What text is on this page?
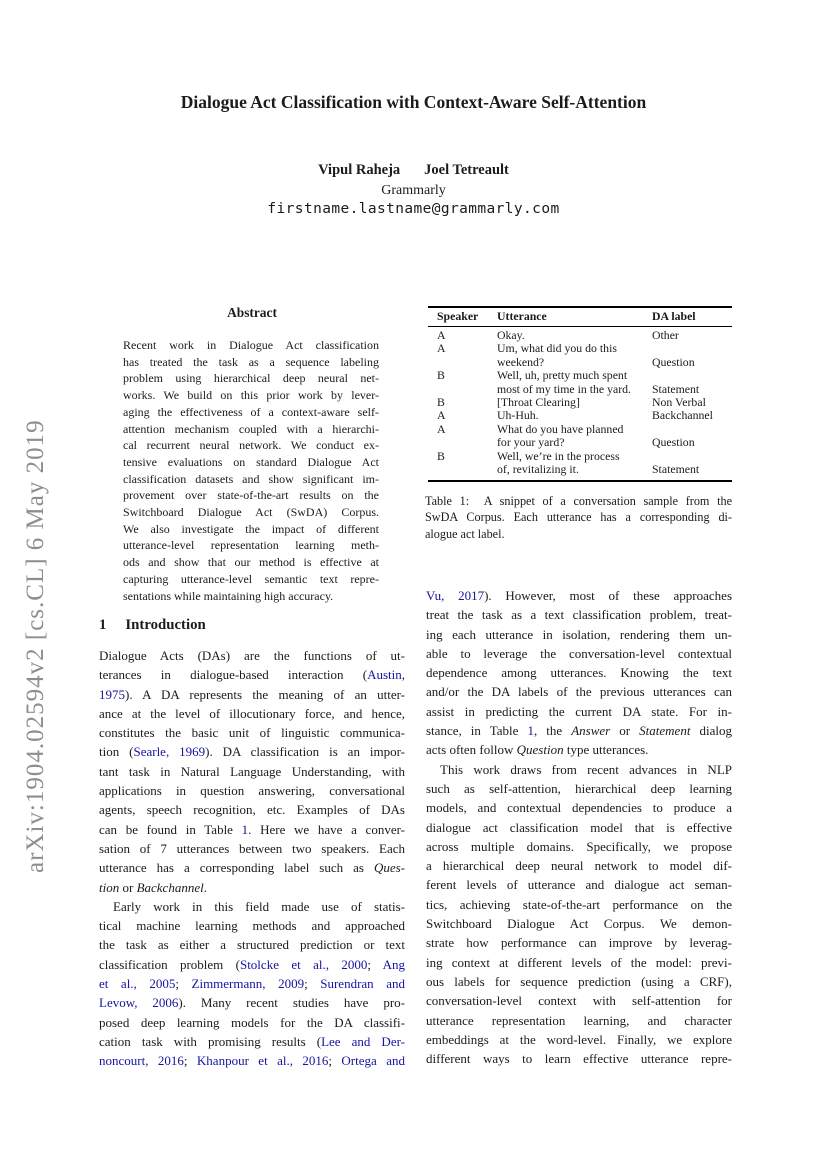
arXiv:1904.02594v2 [cs.CL] 6 May 2019
Dialogue Act Classification with Context-Aware Self-Attention
Vipul Raheja Joel Tetreault
Grammarly
firstname.lastname@grammarly.com
Abstract
Recent work in Dialogue Act classification
has treated the task as a sequence labeling
problem using hierarchical deep neural net-
works. We build on this prior work by lever-
aging the effectiveness of a context-aware self-
attention mechanism coupled with a hierarchi-
cal recurrent neural network. We conduct ex-
tensive evaluations on standard Dialogue Act
classification datasets and show significant im-
provement over state-of-the-art results on the
Switchboard Dialogue Act (SwDA) Corpus.
We also investigate the impact of different
utterance-level representation learning meth-
ods and show that our method is effective at
capturing utterance-level semantic text repre-
sentations while maintaining high accuracy.
1 Introduction
Dialogue Acts (DAs) are the functions of ut-
terances in dialogue-based interaction (Austin,
1975). A DA represents the meaning of an utter-
ance at the level of illocutionary force, and hence,
constitutes the basic unit of linguistic communica-
tion (Searle, 1969). DA classification is an impor-
tant task in Natural Language Understanding, with
applications in question answering, conversational
agents, speech recognition, etc. Examples of DAs
can be found in Table 1. Here we have a conver-
sation of 7 utterances between two speakers. Each
utterance has a corresponding label such as Ques-
tion or Backchannel.
Early work in this field made use of statis-
tical machine learning methods and approached
the task as either a structured prediction or text
classification problem (Stolcke et al., 2000; Ang
et al., 2005; Zimmermann, 2009; Surendran and
Levow, 2006). Many recent studies have pro-
posed deep learning models for the DA classifi-
cation task with promising results (Lee and Der-
noncourt, 2016; Khanpour et al., 2016; Ortega and
Speaker	Utterance	DA label
A	Okay.	Other
A	Um, what did you do this
weekend?	Question
B	Well, uh, pretty much spent
most of my time in the yard.	Statement
B	[Throat Clearing]	Non Verbal
A	Uh-Huh.	Backchannel
A	What do you have planned
for your yard?	Question
B	Well, we’re in the process
of, revitalizing it.	Statement
Table 1:  A snippet of a conversation sample from the
SwDA Corpus. Each utterance has a corresponding di-
alogue act label.
Vu, 2017). However, most of these approaches
treat the task as a text classification problem, treat-
ing each utterance in isolation, rendering them un-
able to leverage the conversation-level contextual
dependence among utterances. Knowing the text
and/or the DA labels of the previous utterances can
assist in predicting the current DA state. For in-
stance, in Table 1, the Answer or Statement dialog
acts often follow Question type utterances.
This work draws from recent advances in NLP
such as self-attention, hierarchical deep learning
models, and contextual dependencies to produce a
dialogue act classification model that is effective
across multiple domains. Specifically, we propose
a hierarchical deep neural network to model dif-
ferent levels of utterance and dialogue act seman-
tics, achieving state-of-the-art performance on the
Switchboard Dialogue Act Corpus. We demon-
strate how performance can improve by leverag-
ing context at different levels of the model: previ-
ous labels for sequence prediction (using a CRF),
conversation-level context with self-attention for
utterance representation learning, and character
embeddings at the word-level. Finally, we explore
different ways to learn effective utterance repre-
